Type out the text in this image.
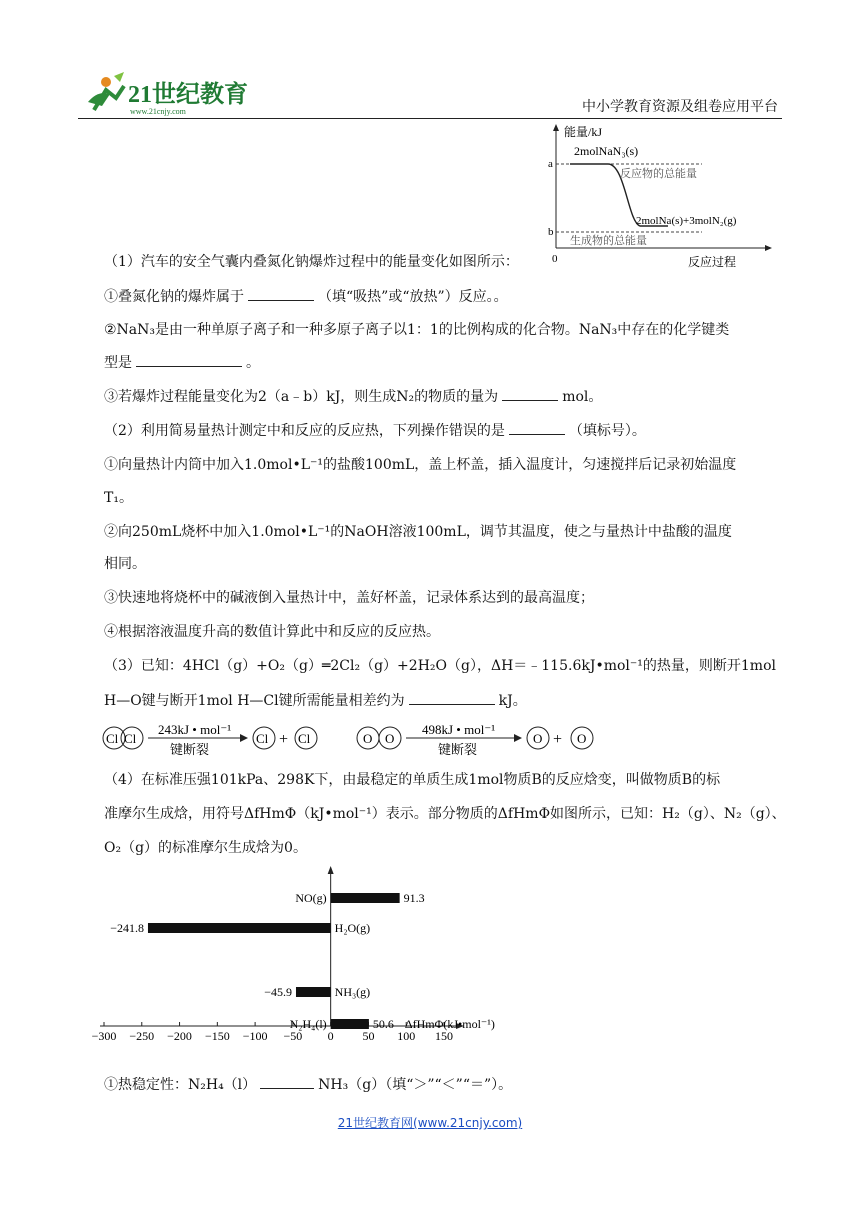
21世纪教育
www.21cnjy.com	中小学教育资源及组卷应用平台
能量/kJ
a
b
0
2molNaN₃(s)
反应物的总能量
2molNa(s)+3molN₂(g)
生成物的总能量
反应过程
（1）汽车的安全气囊内叠氮化钠爆炸过程中的能量变化如图所示：
①叠氮化钠的爆炸属于	（填“吸热”或“放热”）反应。。
②NaN₃是由一种单原子离子和一种多原子离子以1：1的比例构成的化合物。NaN₃中存在的化学键类
型是	。
③若爆炸过程能量变化为2（a﹣b）kJ，则生成N₂的物质的量为	mol。
（2）利用简易量热计测定中和反应的反应热，下列操作错误的是	（填标号）。
①向量热计内筒中加入1.0mol•L⁻¹的盐酸100mL，盖上杯盖，插入温度计，匀速搅拌后记录初始温度
T₁。
②向250mL烧杯中加入1.0mol•L⁻¹的NaOH溶液100mL，调节其温度，使之与量热计中盐酸的温度
相同。
③快速地将烧杯中的碱液倒入量热计中，盖好杯盖，记录体系达到的最高温度；
④根据溶液温度升高的数值计算此中和反应的反应热。
（3）已知：4HCl（g）+O₂（g）═2Cl₂（g）+2H₂O（g），ΔH＝﹣115.6kJ•mol⁻¹的热量，则断开1mol
H—O键与断开1mol H—Cl键所需能量相差约为	kJ。
Cl Cl
243kJ • mol⁻¹
键断裂
Cl + Cl	O O
498kJ • mol⁻¹
键断裂
O + O
（4）在标准压强101kPa、298K下，由最稳定的单质生成1mol物质B的反应焓变，叫做物质B的标
准摩尔生成焓，用符号ΔfHmΦ（kJ•mol⁻¹）表示。部分物质的ΔfHmΦ如图所示，已知：H₂（g）、N₂（g）、
O₂（g）的标准摩尔生成焓为0。
−300 −250 −200 −150 −100 −50 0 50 100 150
NO(g)	91.3
H₂O(g)
−241.8
NH₃(g)
−45.9
N₂H₄(l)	50.6 ΔfHmΦ(kJ•mol⁻¹)
①热稳定性：N₂H₄（l）	NH₃（g）（填“＞”“＜”“＝”）。
21世纪教育网(www.21cnjy.com)
